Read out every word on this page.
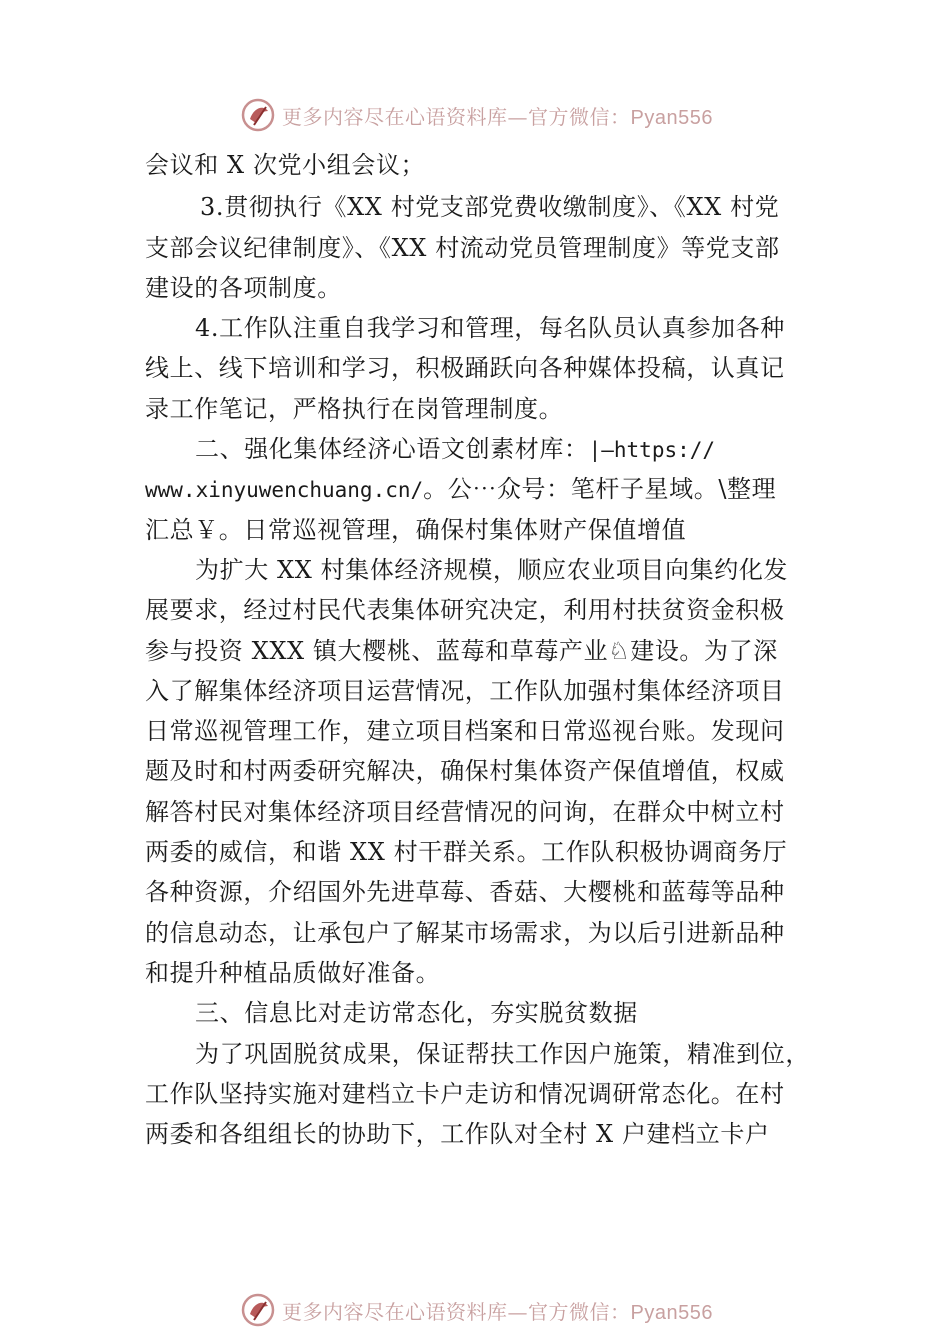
更多内容尽在心语资料库—官方微信：Pyan556
会议和 X 次党小组会议；
3.贯彻执行《XX 村党支部党费收缴制度》、《XX 村党
支部会议纪律制度》、《XX 村流动党员管理制度》等党支部
建设的各项制度。
4.工作队注重自我学习和管理，每名队员认真参加各种
线上、线下培训和学习，积极踊跃向各种媒体投稿，认真记
录工作笔记，严格执行在岗管理制度。
二、强化集体经济心语文创素材库：|—https://
www.xinyuwenchuang.cn/。公⋯众号：笔杆子星域。\整理
汇总￥。日常巡视管理，确保村集体财产保值增值
为扩大 XX 村集体经济规模，顺应农业项目向集约化发
展要求，经过村民代表集体研究决定，利用村扶贫资金积极
参与投资 XXX 镇大樱桃、蓝莓和草莓产业♘建设。为了深
入了解集体经济项目运营情况，工作队加强村集体经济项目
日常巡视管理工作，建立项目档案和日常巡视台账。发现问
题及时和村两委研究解决，确保村集体资产保值增值，权威
解答村民对集体经济项目经营情况的问询，在群众中树立村
两委的威信，和谐 XX 村干群关系。工作队积极协调商务厅
各种资源，介绍国外先进草莓、香菇、大樱桃和蓝莓等品种
的信息动态，让承包户了解某市场需求，为以后引进新品种
和提升种植品质做好准备。
三、信息比对走访常态化，夯实脱贫数据
为了巩固脱贫成果，保证帮扶工作因户施策，精准到位，
工作队坚持实施对建档立卡户走访和情况调研常态化。在村
两委和各组组长的协助下，工作队对全村 X 户建档立卡户
更多内容尽在心语资料库—官方微信：Pyan556
